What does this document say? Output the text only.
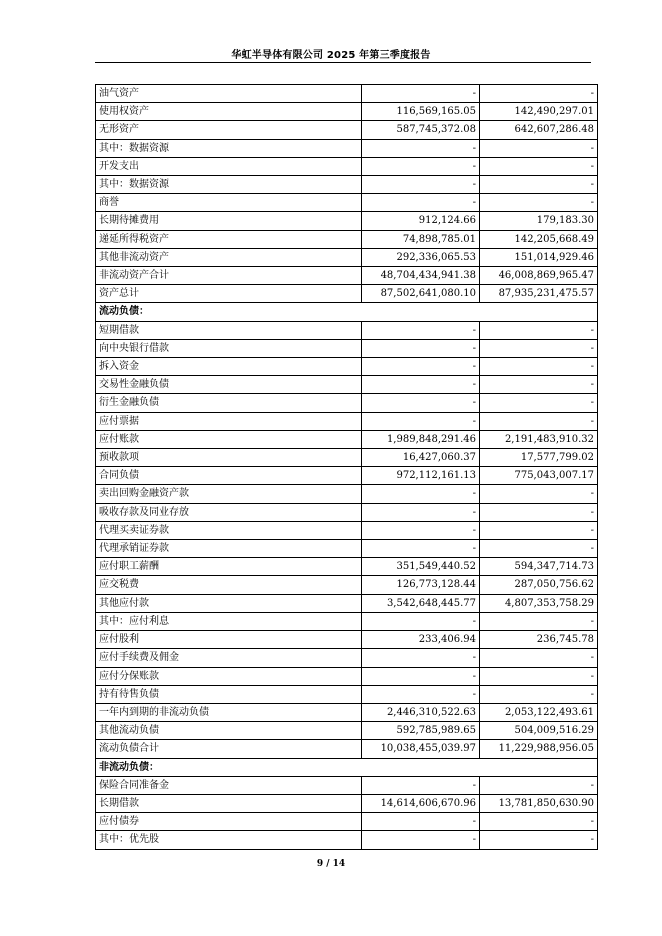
华虹半导体有限公司 2025 年第三季度报告
油气资产	-	-
使用权资产	116,569,165.05	142,490,297.01
无形资产	587,745,372.08	642,607,286.48
其中：数据资源	-	-
开发支出	-	-
其中：数据资源	-	-
商誉	-	-
长期待摊费用	912,124.66	179,183.30
递延所得税资产	74,898,785.01	142,205,668.49
其他非流动资产	292,336,065.53	151,014,929.46
非流动资产合计	48,704,434,941.38	46,008,869,965.47
资产总计	87,502,641,080.10	87,935,231,475.57
流动负债：		
短期借款	-	-
向中央银行借款	-	-
拆入资金	-	-
交易性金融负债	-	-
衍生金融负债	-	-
应付票据	-	-
应付账款	1,989,848,291.46	2,191,483,910.32
预收款项	16,427,060.37	17,577,799.02
合同负债	972,112,161.13	775,043,007.17
卖出回购金融资产款	-	-
吸收存款及同业存放	-	-
代理买卖证券款	-	-
代理承销证券款	-	-
应付职工薪酬	351,549,440.52	594,347,714.73
应交税费	126,773,128.44	287,050,756.62
其他应付款	3,542,648,445.77	4,807,353,758.29
其中：应付利息	-	-
应付股利	233,406.94	236,745.78
应付手续费及佣金	-	-
应付分保账款	-	-
持有待售负债	-	-
一年内到期的非流动负债	2,446,310,522.63	2,053,122,493.61
其他流动负债	592,785,989.65	504,009,516.29
流动负债合计	10,038,455,039.97	11,229,988,956.05
非流动负债：		
保险合同准备金	-	-
长期借款	14,614,606,670.96	13,781,850,630.90
应付债券	-	-
其中：优先股	-	-
9 / 14
